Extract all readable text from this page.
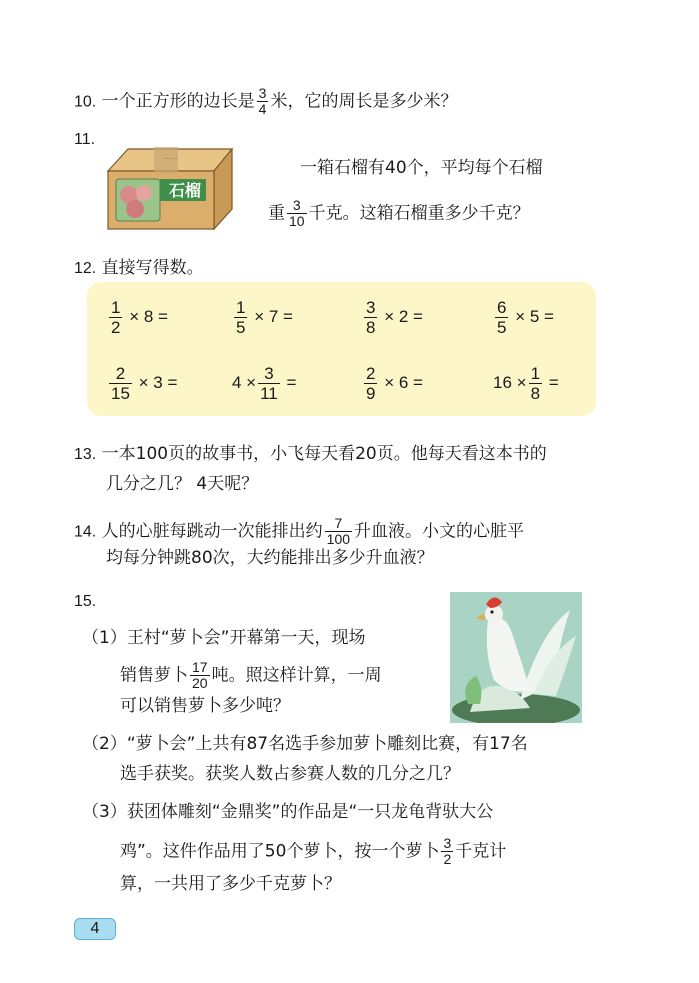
10. 一个正方形的边长是 $\frac{3}{4}$ 米，它的周长是多少米？
11.
······
石榴
一箱石榴有40个，平均每个石榴
重 $\frac{3}{10}$ 千克。这箱石榴重多少千克？
12. 直接写得数。
$\frac{1}{2} \times 8$ =	$\frac{1}{5} \times 7$ =	$\frac{3}{8} \times 2$ =	$\frac{6}{5} \times 5$ =
$\frac{2}{15} \times 3$ =	$4 \times \frac{3}{11}$ =	$\frac{2}{9} \times 6$ =	$16 \times \frac{1}{8}$ =
13. 一本100页的故事书，小飞每天看20页。他每天看这本书的
几分之几？ 4天呢？
14. 人的心脏每跳动一次能排出约 $\frac{7}{100}$ 升血液。小文的心脏平
均每分钟跳80次，大约能排出多少升血液？
15.
（1）王村“萝卜会”开幕第一天，现场
销售萝卜 $\frac{17}{20}$ 吨。照这样计算，一周
可以销售萝卜多少吨？
（2）“萝卜会”上共有87名选手参加萝卜雕刻比赛，有17名
选手获奖。获奖人数占参赛人数的几分之几？
（3）获团体雕刻“金鼎奖”的作品是“一只龙龟背驮大公
鸡”。这件作品用了50个萝卜，按一个萝卜 $\frac{3}{2}$ 千克计
算，一共用了多少千克萝卜？
4
